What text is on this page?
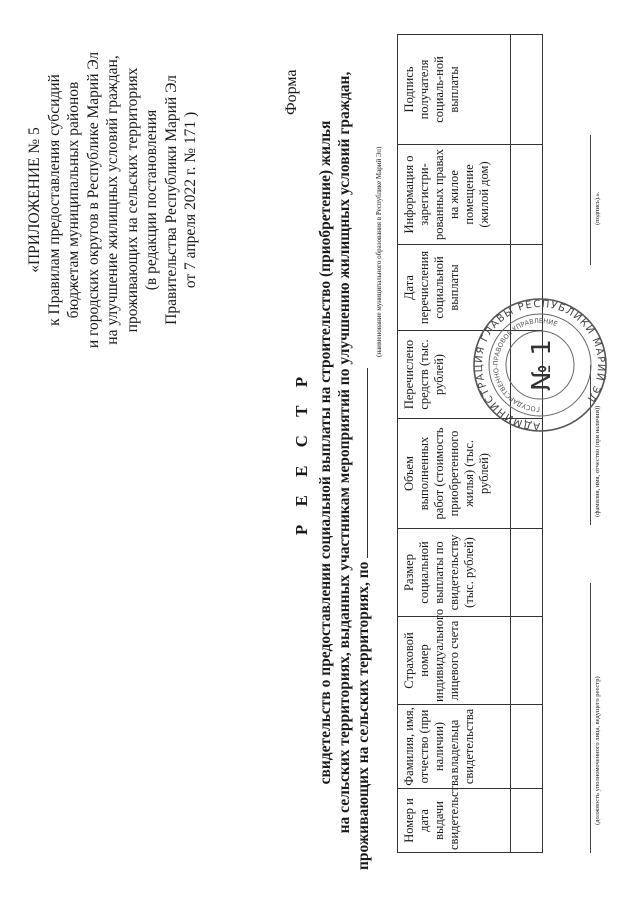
«ПРИЛОЖЕНИЕ № 5 к Правилам предоставления субсидий бюджетам муниципальных районов и городских округов в Республике Марий Эл на улучшение жилищных условий граждан, проживающих на сельских территориях (в редакции постановления Правительства Республики Марий Эл от 7 апреля 2022 г. № 171 )
Форма
Р Е Е С Т Р свидетельств о предоставлении социальной выплаты на строительство (приобретение) жилья на сельских территориях, выданных участникам мероприятий по улучшению жилищных условий граждан, проживающих на сельских территориях, по
(наименование муниципального образования в Республике Марий Эл)
Номер и дата выдачи свидетельства	Фамилия, имя, отчество (при наличии) владельца свидетельства	Страховой номер индивидуального лицевого счета	Размер социальной выплаты по свидетельству (тыс. рублей)	Объем выполненных работ (стоимость приобретенного жилья) (тыс. рублей)	Перечислено средств (тыс. рублей)	Дата перечисления социальной выплаты	Информация о зарегистри-рованных правах на жилое помещение (жилой дом)	Подпись получателя социаль-ной выплаты

(должность уполномоченного лица, ведущего реестр)
(фамилия, имя, отчество (при наличии))
(подпись).».
АДМИНИСТРАЦИЯ ГЛАВЫ РЕСПУБЛИКИ МАРИЙ ЭЛ
ГОСУДАРСТВЕННО-ПРАВОВОЕ УПРАВЛЕНИЕ
№ 1
